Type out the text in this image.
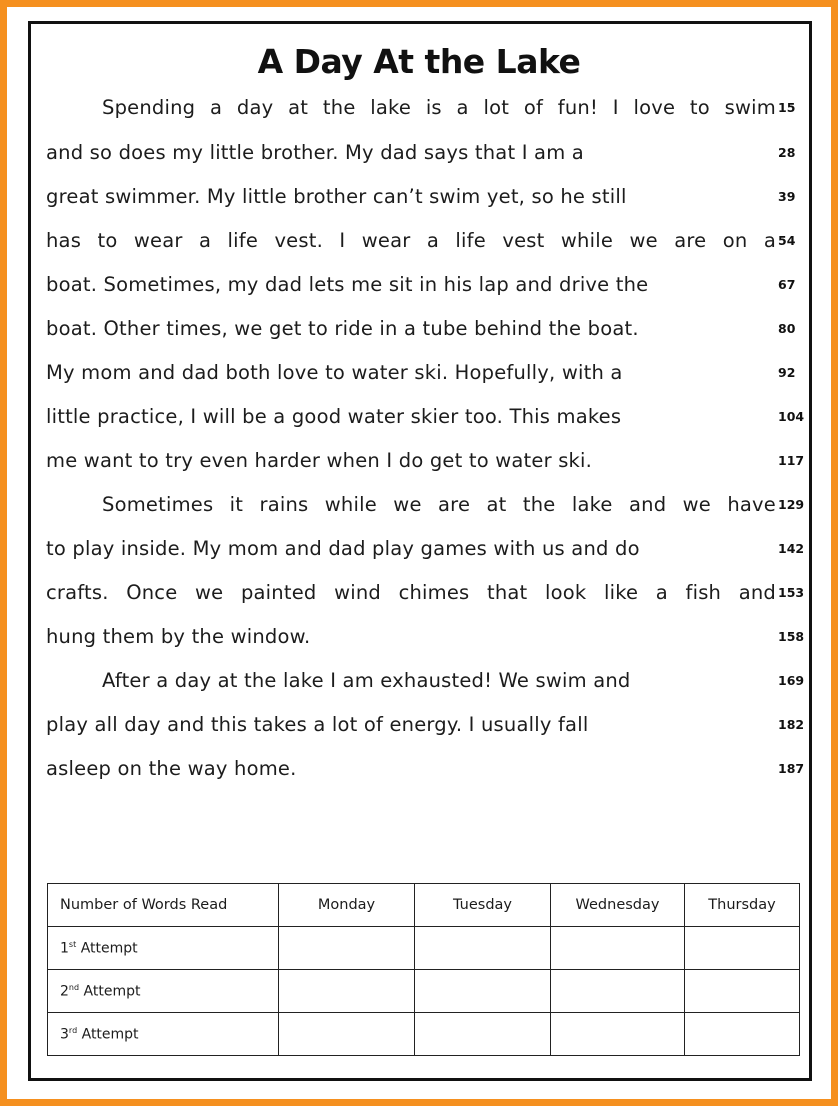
A Day At the Lake
Spending a day at the lake is a lot of fun! I love to swim 15
and so does my little brother. My dad says that I am a	28
great swimmer. My little brother can’t swim yet, so he still	39
has to wear a life vest. I wear a life vest while we are on a 54
boat. Sometimes, my dad lets me sit in his lap and drive the	67
boat. Other times, we get to ride in a tube behind the boat.	80
My mom and dad both love to water ski. Hopefully, with a	92
little practice, I will be a good water skier too. This makes	104
me want to try even harder when I do get to water ski.	117
Sometimes it rains while we are at the lake and we have 129
to play inside. My mom and dad play games with us and do	142
crafts. Once we painted wind chimes that look like a fish and 153
hung them by the window.	158
After a day at the lake I am exhausted! We swim and	169
play all day and this takes a lot of energy. I usually fall	182
asleep on the way home.	187
Number of Words Read	Monday	Tuesday	Wednesday	Thursday
1st Attempt				
2nd Attempt				
3rd Attempt				
